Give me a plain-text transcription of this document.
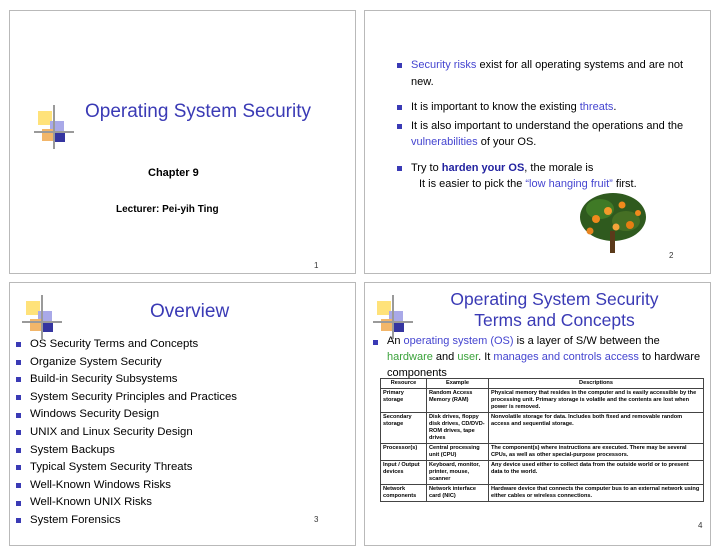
Operating System Security
Chapter 9
Lecturer: Pei-yih Ting
1
Security risks exist for all operating systems and are not new.
It is important to know the existing threats.
It is also important to understand the operations and the vulnerabilities of your OS.
Try to harden your OS, the morale is
It is easier to pick the “low hanging fruit” first.
2
Overview
OS Security Terms and Concepts
Organize System Security
Build-in Security Subsystems
System Security Principles and Practices
Windows Security Design
UNIX and Linux Security Design
System Backups
Typical System Security Threats
Well-Known Windows Risks
Well-Known UNIX Risks
System Forensics	3
Operating System Security
Terms and Concepts
An operating system (OS) is a layer of S/W between the hardware and user. It manages and controls access to hardware components
Resource	Example	Descriptions
Primary storage	Random Access Memory (RAM)	Physical memory that resides in the computer and is easily accessible by the processing unit. Primary storage is volatile and the contents are lost when power is removed.
Secondary storage	Disk drives, floppy disk drives, CD/DVD-ROM drives, tape drives	Nonvolatile storage for data. Includes both fixed and removable random access and sequential storage.
Processor(s)	Central processing unit (CPU)	The component(s) where instructions are executed. There may be several CPUs, as well as other special-purpose processors.
Input / Output devices	Keyboard, monitor, printer, mouse, scanner	Any device used either to collect data from the outside world or to present data to the world.
Network components	Network interface card (NIC)	Hardware device that connects the computer bus to an external network using either cables or wireless connections.
4
